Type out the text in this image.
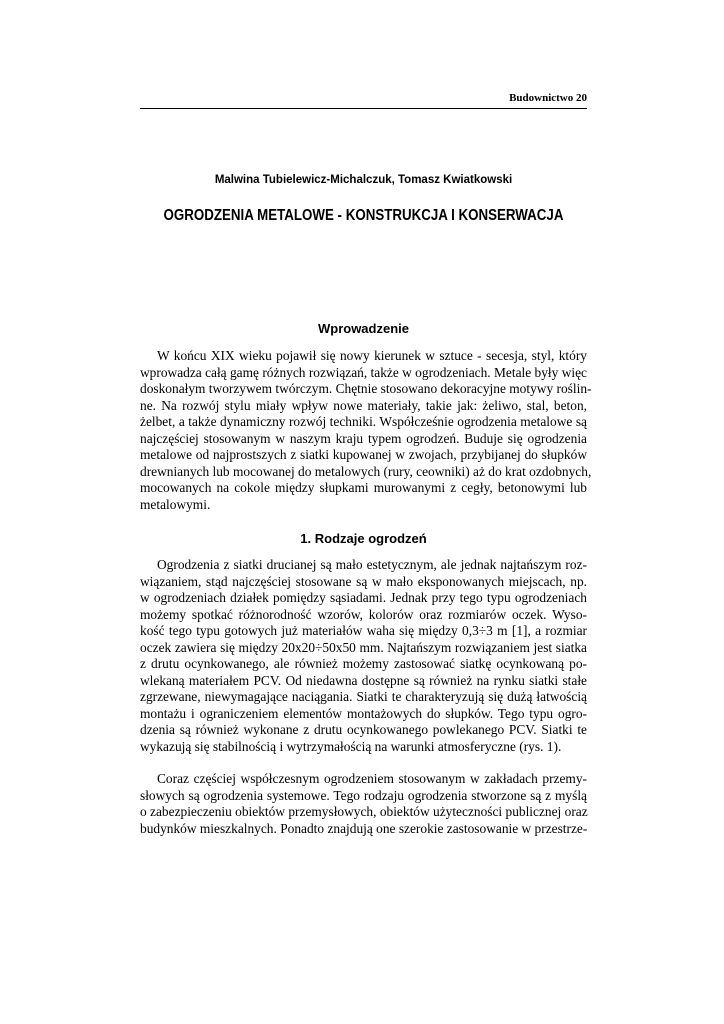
Budownictwo 20
Malwina Tubielewicz-Michalczuk, Tomasz Kwiatkowski
OGRODZENIA METALOWE - KONSTRUKCJA I KONSERWACJA
Wprowadzenie

W końcu XIX wieku pojawił się nowy kierunek w sztuce - secesja, styl, który
wprowadza całą gamę różnych rozwiązań, także w ogrodzeniach. Metale były więc
doskonałym tworzywem twórczym. Chętnie stosowano dekoracyjne motywy roślin-
ne. Na rozwój stylu miały wpływ nowe materiały, takie jak: żeliwo, stal, beton,
żelbet, a także dynamiczny rozwój techniki. Współcześnie ogrodzenia metalowe są
najczęściej stosowanym w naszym kraju typem ogrodzeń. Buduje się ogrodzenia
metalowe od najprostszych z siatki kupowanej w zwojach, przybijanej do słupków
drewnianych lub mocowanej do metalowych (rury, ceowniki) aż do krat ozdobnych,
mocowanych na cokole między słupkami murowanymi z cegły, betonowymi lub
metalowymi.

1. Rodzaje ogrodzeń

Ogrodzenia z siatki drucianej są mało estetycznym, ale jednak najtańszym roz-
wiązaniem, stąd najczęściej stosowane są w mało eksponowanych miejscach, np.
w ogrodzeniach działek pomiędzy sąsiadami. Jednak przy tego typu ogrodzeniach
możemy spotkać różnorodność wzorów, kolorów oraz rozmiarów oczek. Wyso-
kość tego typu gotowych już materiałów waha się między 0,3÷3 m [1], a rozmiar
oczek zawiera się między 20x20÷50x50 mm. Najtańszym rozwiązaniem jest siatka
z drutu ocynkowanego, ale również możemy zastosować siatkę ocynkowaną po-
wlekaną materiałem PCV. Od niedawna dostępne są również na rynku siatki stałe
zgrzewane, niewymagające naciągania. Siatki te charakteryzują się dużą łatwością
montażu i ograniczeniem elementów montażowych do słupków. Tego typu ogro-
dzenia są również wykonane z drutu ocynkowanego powlekanego PCV. Siatki te
wykazują się stabilnością i wytrzymałością na warunki atmosferyczne (rys. 1).

Coraz częściej współczesnym ogrodzeniem stosowanym w zakładach przemy-
słowych są ogrodzenia systemowe. Tego rodzaju ogrodzenia stworzone są z myślą
o zabezpieczeniu obiektów przemysłowych, obiektów użyteczności publicznej oraz
budynków mieszkalnych. Ponadto znajdują one szerokie zastosowanie w przestrze-
